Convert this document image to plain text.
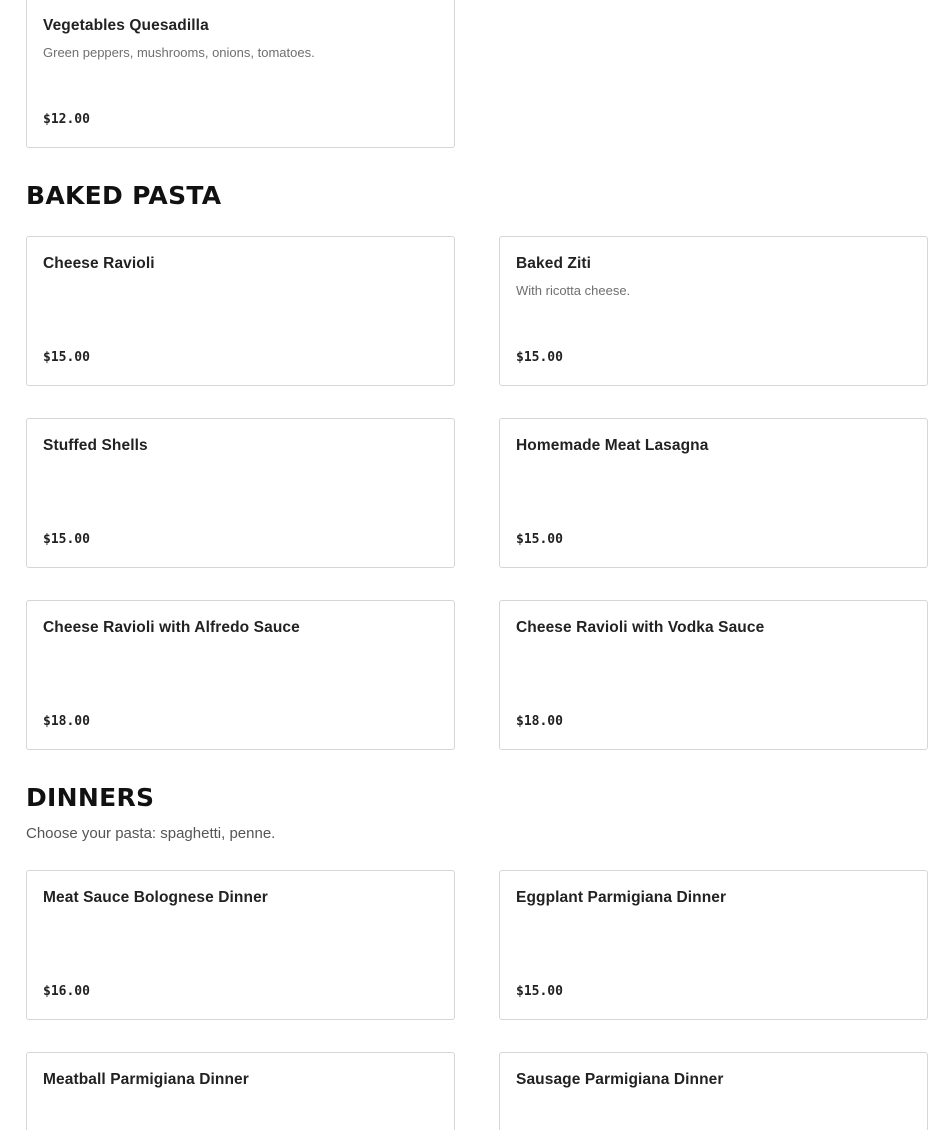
Vegetables Quesadilla
Green peppers, mushrooms, onions, tomatoes.
$12.00
BAKED PASTA
Cheese Ravioli
$15.00
Baked Ziti
With ricotta cheese.
$15.00
Stuffed Shells
$15.00
Homemade Meat Lasagna
$15.00
Cheese Ravioli with Alfredo Sauce
$18.00
Cheese Ravioli with Vodka Sauce
$18.00
DINNERS
Choose your pasta: spaghetti, penne.
Meat Sauce Bolognese Dinner
$16.00
Eggplant Parmigiana Dinner
$15.00
Meatball Parmigiana Dinner	Sausage Parmigiana Dinner
